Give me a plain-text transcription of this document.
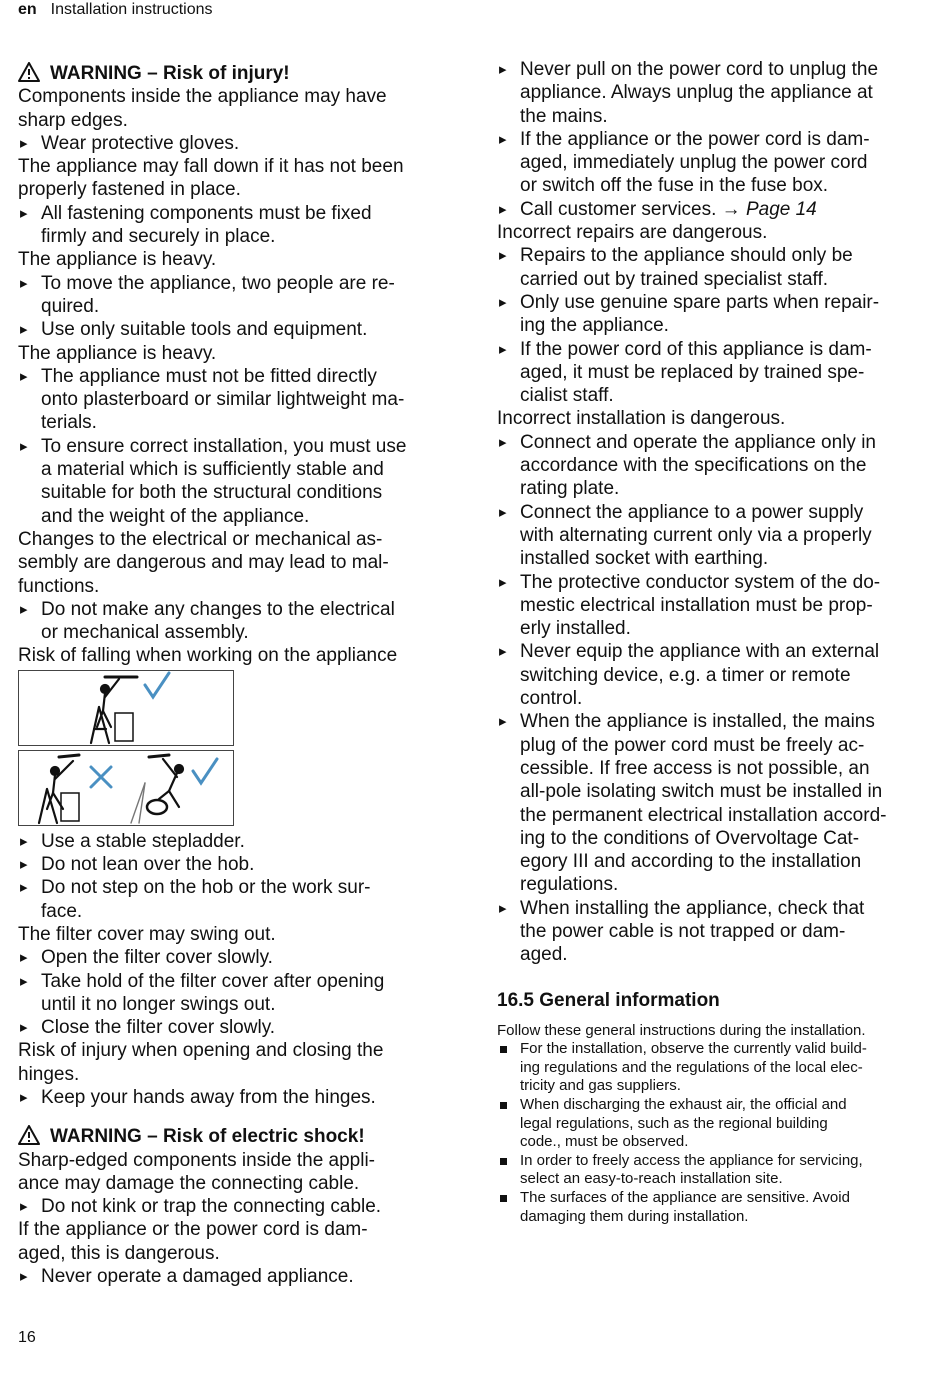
en Installation instructions
WARNING – Risk of injury!
Components inside the appliance may have
sharp edges.
▸ Wear protective gloves.
The appliance may fall down if it has not been
properly fastened in place.
▸ All fastening components must be fixed
firmly and securely in place.
The appliance is heavy.
▸ To move the appliance, two people are re-
quired.
▸ Use only suitable tools and equipment.
The appliance is heavy.
▸ The appliance must not be fitted directly
onto plasterboard or similar lightweight ma-
terials.
▸ To ensure correct installation, you must use
a material which is sufficiently stable and
suitable for both the structural conditions
and the weight of the appliance.
Changes to the electrical or mechanical as-
sembly are dangerous and may lead to mal-
functions.
▸ Do not make any changes to the electrical
or mechanical assembly.
Risk of falling when working on the appliance
▸ Use a stable stepladder.
▸ Do not lean over the hob.
▸ Do not step on the hob or the work sur-
face.
The filter cover may swing out.
▸ Open the filter cover slowly.
▸ Take hold of the filter cover after opening
until it no longer swings out.
▸ Close the filter cover slowly.
Risk of injury when opening and closing the
hinges.
▸ Keep your hands away from the hinges.
WARNING – Risk of electric shock!
Sharp-edged components inside the appli-
ance may damage the connecting cable.
▸ Do not kink or trap the connecting cable.
If the appliance or the power cord is dam-
aged, this is dangerous.
▸ Never operate a damaged appliance.
▸ Never pull on the power cord to unplug the
appliance. Always unplug the appliance at
the mains.
▸ If the appliance or the power cord is dam-
aged, immediately unplug the power cord
or switch off the fuse in the fuse box.
▸ Call customer services. → Page 14
Incorrect repairs are dangerous.
▸ Repairs to the appliance should only be
carried out by trained specialist staff.
▸ Only use genuine spare parts when repair-
ing the appliance.
▸ If the power cord of this appliance is dam-
aged, it must be replaced by trained spe-
cialist staff.
Incorrect installation is dangerous.
▸ Connect and operate the appliance only in
accordance with the specifications on the
rating plate.
▸ Connect the appliance to a power supply
with alternating current only via a properly
installed socket with earthing.
▸ The protective conductor system of the do-
mestic electrical installation must be prop-
erly installed.
▸ Never equip the appliance with an external
switching device, e.g. a timer or remote
control.
▸ When the appliance is installed, the mains
plug of the power cord must be freely ac-
cessible. If free access is not possible, an
all-pole isolating switch must be installed in
the permanent electrical installation accord-
ing to the conditions of Overvoltage Cat-
egory III and according to the installation
regulations.
▸ When installing the appliance, check that
the power cable is not trapped or dam-
aged.
16.5 General information
Follow these general instructions during the installation.
For the installation, observe the currently valid build-
ing regulations and the regulations of the local elec-
tricity and gas suppliers.
When discharging the exhaust air, the official and
legal regulations, such as the regional building
code., must be observed.
In order to freely access the appliance for servicing,
select an easy-to-reach installation site.
The surfaces of the appliance are sensitive. Avoid
damaging them during installation.
16
